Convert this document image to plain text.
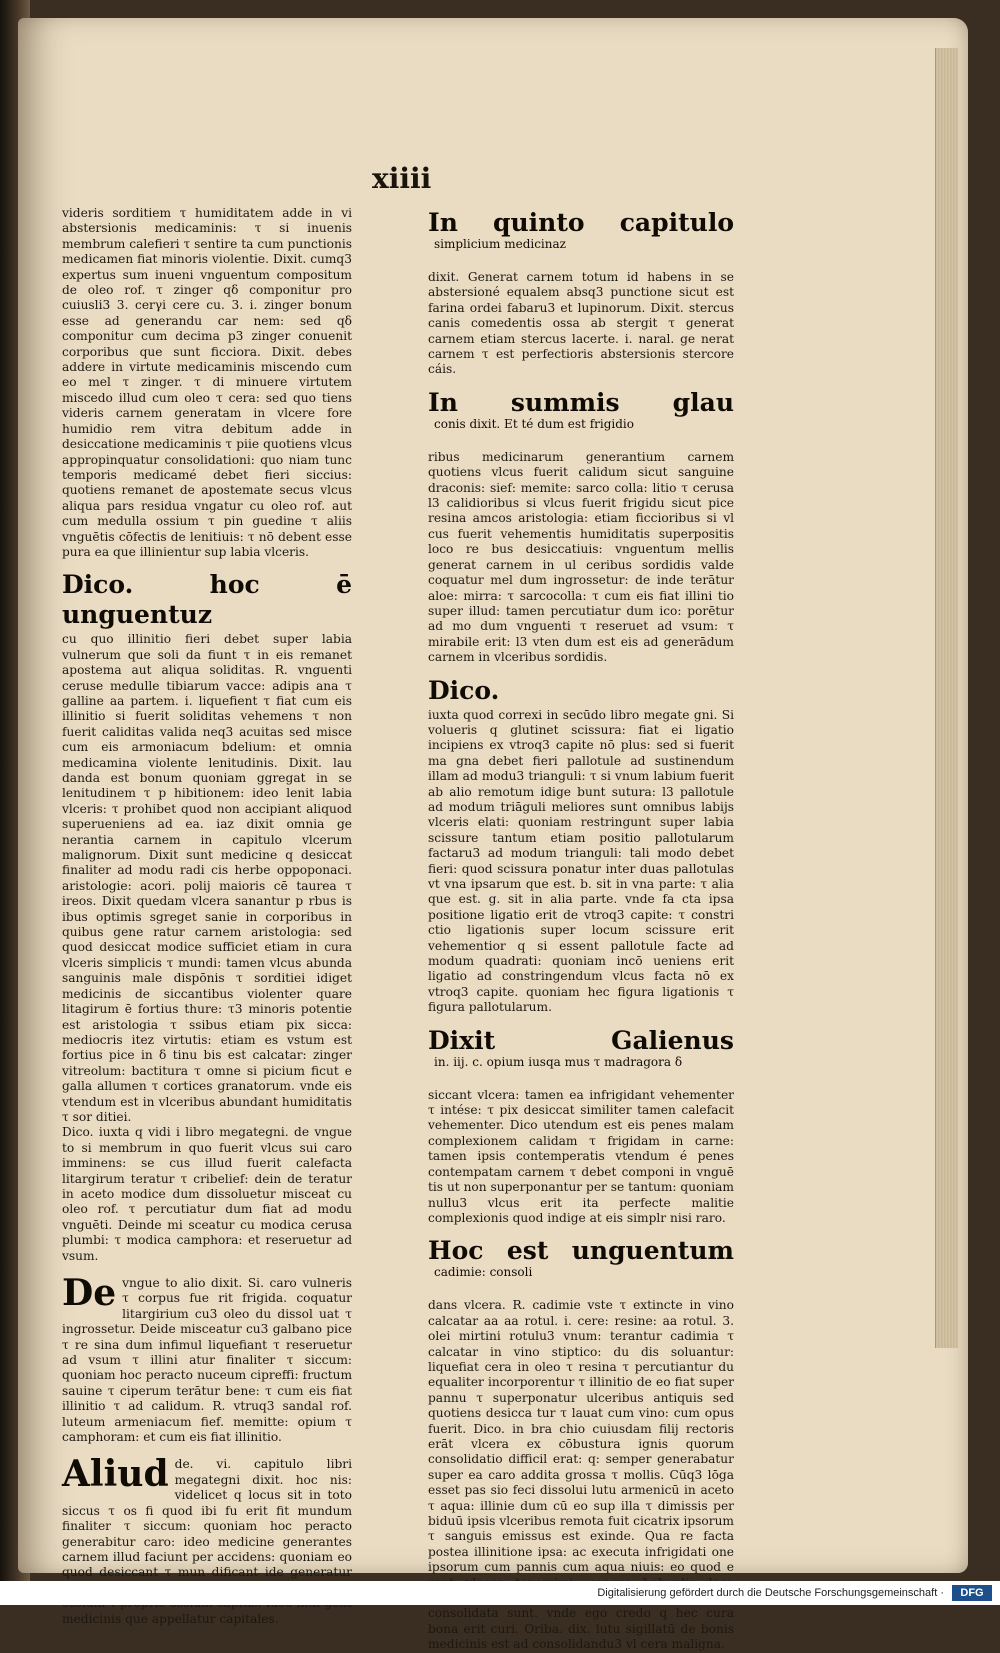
xiiii

videris sorditiem τ humiditatem adde in vi abstersionis medicaminis: τ si inuenis membrum calefieri τ sentire ta cum punctionis medicamen fiat minoris violentie. Dixit. cumq3 expertus sum inueni vnguentum compositum de oleo rof. τ zinger qδ componitur pro cuiusli3 3. cerγi cere cu. 3. i. zinger bonum esse ad generandu car nem: sed qδ componitur cum decima p3 zinger conuenit corporibus que sunt ficciora. Dixit. debes addere in virtute medicaminis miscendo cum eo mel τ zinger. τ di minuere virtutem miscedo illud cum oleo τ cera: sed quo tiens videris carnem generatam in vlcere fore humidio rem vitra debitum adde in desiccatione medicaminis τ piie quotiens vlcus appropinquatur consolidationi: quo niam tunc temporis medicamé debet fieri siccius: quotiens remanet de apostemate secus vlcus aliqua pars residua vngatur cu oleo rof. aut cum medulla ossium τ pin guedine τ aliis vnguētis cōfectis de lenitiuis: τ nō debent esse pura ea que illinientur sup labia vlceris.

Dico. hoc ē unguentuz

cu quo illinitio fieri debet super labia vulnerum que soli da fiunt τ in eis remanet apostema aut aliqua soliditas. R. vnguenti ceruse medulle tibiarum vacce: adipis ana τ galline aa partem. i. liquefient τ fiat cum eis illinitio si fuerit soliditas vehemens τ non fuerit caliditas valida neq3 acuitas sed misce cum eis armoniacum bdelium: et omnia medicamina violente lenitudinis. Dixit. lau danda est bonum quoniam ggregat in se lenitudinem τ p hibitionem: ideo lenit labia vlceris: τ prohibet quod non accipiant aliquod superueniens ad ea. iaz dixit omnia ge nerantia carnem in capitulo vlcerum malignorum. Dixit sunt medicine q desiccat finaliter ad modu radi cis herbe oppoponaci. aristologie: acori. polij maioris cē taurea τ ireos. Dixit quedam vlcera sanantur p rbus is ibus optimis sgreget sanie in corporibus in quibus gene ratur carnem aristologia: sed quod desiccat modice sufficiet etiam in cura vlceris simplicis τ mundi: tamen vlcus abunda sanguinis male dispōnis τ sorditiei idiget medicinis de siccantibus violenter quare litagirum ē fortius thure: τ3 minoris potentie est aristologia τ ssibus etiam pix sicca: mediocris itez virtutis: etiam es vstum est fortius pice in δ tinu bis est calcatar: zinger vitreolum: bactitura τ omne si picium ficut e galla allumen τ cortices granatorum. vnde eis vtendum est in vlceribus abundant humiditatis τ sor ditiei.

Dico. iuxta q vidi i libro megategni. de vngue to si membrum in quo fuerit vlcus sui caro imminens: se cus illud fuerit calefacta litargirum teratur τ cribelief: dein de teratur in aceto modice dum dissoluetur misceat cu oleo rof. τ percutiatur dum fiat ad modu vnguēti. Deinde mi sceatur cu modica cerusa plumbi: τ modica camphora: et reseruetur ad vsum.

De vngue to alio dixit. Si. caro vulneris τ corpus fue rit frigida. coquatur litargirium cu3 oleo du dissol uat τ ingrossetur. Deide misceatur cu3 galbano pice τ re sina dum infimul liquefiant τ reseruetur ad vsum τ illini atur finaliter τ siccum: quoniam hoc peracto nuceum cipreffi: fructum sauine τ ciperum terātur bene: τ cum eis fiat illinitio τ ad calidum. R. vtruq3 sandal rof. luteum armeniacum fief. memitte: opium τ camphoram: et cum eis fiat illinitio.

Aliud de. vi. capitulo libri megategni dixit. hoc nis: videlicet q locus sit in toto siccus τ os fi quod ibi fu erit fit mundum finaliter τ siccum: quoniam hoc peracto generabitur caro: ideo medicine generantes carnem illud faciunt per accidens: quoniam eo quod desiccant τ mun dificant ide generatur medicinis que appellatur capitales.

In quinto capitulosimplicium medicinaz

dixit. Generat carnem totum id habens in se abstersioné equalem absq3 punctione sicut est farina ordei fabaru3 et lupinorum. Dixit. stercus canis comedentis ossa ab stergit τ generat carnem etiam stercus lacerte. i. naral. ge nerat carnem τ est perfectioris abstersionis stercore cáis.

In summis glauconis dixit. Et té dum est frigidio

ribus medicinarum generantium carnem quotiens vlcus fuerit calidum sicut sanguine draconis: sief: memite: sarco colla: litio τ cerusa l3 calidioribus si vlcus fuerit frigidu sicut pice resina amcos aristologia: etiam ficcioribus si vl cus fuerit vehementis humiditatis superpositis loco re bus desiccatiuis: vnguentum mellis generat carnem in ul ceribus sordidis valde coquatur mel dum ingrossetur: de inde terātur aloe: mirra: τ sarcocolla: τ cum eis fiat illini tio super illud: tamen percutiatur dum ico: porētur ad mo dum vnguenti τ reseruet ad vsum: τ mirabile erit: l3 vten dum est eis ad generādum carnem in vlceribus sordidis.

Dico.

iuxta quod correxi in secūdo libro megate gni. Si volueris q glutinet scissura: fiat ei ligatio incipiens ex vtroq3 capite nō plus: sed si fuerit ma gna debet fieri pallotule ad sustinendum illam ad modu3 trianguli: τ si vnum labium fuerit ab alio remotum idige bunt sutura: l3 pallotule ad modum triāguli meliores sunt omnibus labijs vlceris elati: quoniam restringunt super labia scissure tantum etiam positio pallotularum factaru3 ad modum trianguli: tali modo debet fieri: quod scissura ponatur inter duas pallotulas vt vna ipsarum que est. b. sit in vna parte: τ alia que est. g. sit in alia parte. vnde fa cta ipsa positione ligatio erit de vtroq3 capite: τ constri ctio ligationis super locum scissure erit vehementior q si essent pallotule facte ad modum quadrati: quoniam incō ueniens erit ligatio ad constringendum vlcus facta nō ex vtroq3 capite. quoniam hec figura ligationis τ figura pallotularum.

Dixit Galienusin. iij. c. opium iusqa mus τ madragora δ

siccant vlcera: tamen ea infrigidant vehementer τ intése: τ pix desiccat similiter tamen calefacit vehementer. Dico utendum est eis penes malam complexionem calidam τ frigidam in carne: tamen ipsis contemperatis vtendum é penes contempatam carnem τ debet componi in vnguē tis ut non superponantur per se tantum: quoniam nullu3 vlcus erit ita perfecte malitie complexionis quod indige at eis simplr nisi raro.

Hoc est unguentumcadimie: consoli

dans vlcera. R. cadimie vste τ extincte in vino calcatar aa aa rotul. i. cere: resine: aa rotul. 3. olei mirtini rotulu3 vnum: terantur cadimia τ calcatar in vino stiptico: du dis soluantur: liquefiat cera in oleo τ resina τ percutiantur du equaliter incorporentur τ illinitio de eo fiat super pannu τ superponatur ulceribus antiquis sed quotiens desicca tur τ lauat cum vino: cum opus fuerit. Dico. in bra chio cuiusdam filij rectoris erāt vlcera ex cōbustura ignis quorum consolidatio difficil erat: q: semper generabatur super ea caro addita grossa τ mollis. Cūq3 lōga esset pas sio feci dissolui lutu armenicū in aceto τ aqua: illinie dum cū eo sup illa τ dimissis per biduū ipsis vlceribus remota fuit cicatrix ipsorum τ sanguis emissus est exinde. Qua re facta postea illinitione ipsa: ac executa infrigidati one ipsorum cum pannis cum aqua niuis: eo quod e consolidata sunt. vnde ego credo q hec cura bona erit curi. Oriba. dix. lutu sigillatū de bonis medicinis est ad consolidandu3 vl cera maligna.

Digitalisierung gefördert durch die Deutsche Forschungsgemeinschaft ·	DFG
